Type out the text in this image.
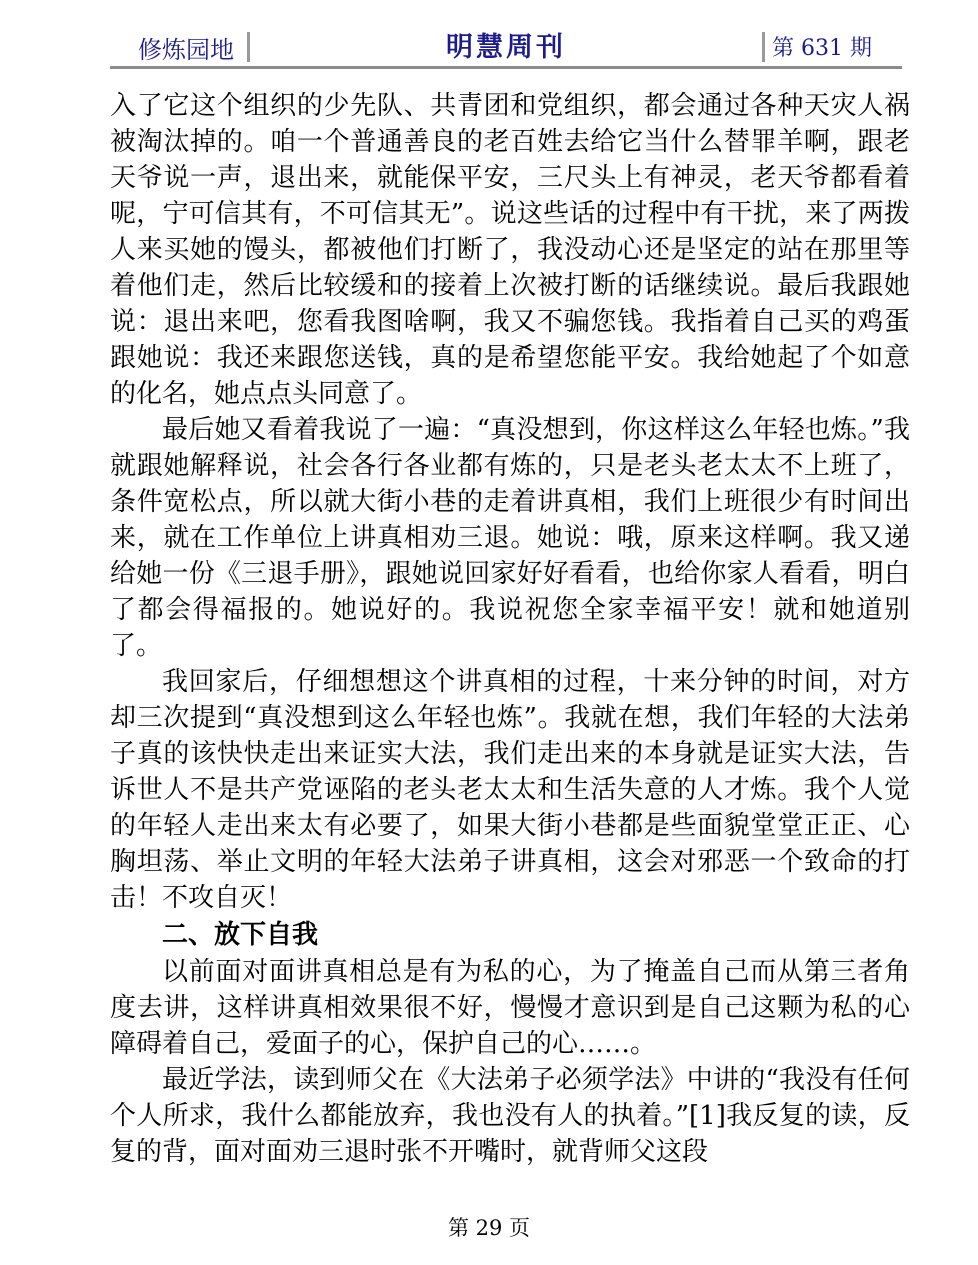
修炼园地	明慧周刊	第 631 期

入了它这个组织的少先队、共青团和党组织，都会通过各种天灾人祸被淘汰掉的。咱一个普通善良的老百姓去给它当什么替罪羊啊，跟老天爷说一声，退出来，就能保平安，三尺头上有神灵，老天爷都看着呢，宁可信其有，不可信其无”。说这些话的过程中有干扰，来了两拨人来买她的馒头，都被他们打断了，我没动心还是坚定的站在那里等着他们走，然后比较缓和的接着上次被打断的话继续说。最后我跟她说：退出来吧，您看我图啥啊，我又不骗您钱。我指着自己买的鸡蛋跟她说：我还来跟您送钱，真的是希望您能平安。我给她起了个如意的化名，她点点头同意了。

最后她又看着我说了一遍：“真没想到，你这样这么年轻也炼。”我就跟她解释说，社会各行各业都有炼的，只是老头老太太不上班了，条件宽松点，所以就大街小巷的走着讲真相，我们上班很少有时间出来，就在工作单位上讲真相劝三退。她说：哦，原来这样啊。我又递给她一份《三退手册》，跟她说回家好好看看，也给你家人看看，明白了都会得福报的。她说好的。我说祝您全家幸福平安！就和她道别了。

我回家后，仔细想想这个讲真相的过程，十来分钟的时间，对方却三次提到“真没想到这么年轻也炼”。我就在想，我们年轻的大法弟子真的该快快走出来证实大法，我们走出来的本身就是证实大法，告诉世人不是共产党诬陷的老头老太太和生活失意的人才炼。我个人觉的年轻人走出来太有必要了，如果大街小巷都是些面貌堂堂正正、心胸坦荡、举止文明的年轻大法弟子讲真相，这会对邪恶一个致命的打击！不攻自灭！

二、放下自我

以前面对面讲真相总是有为私的心，为了掩盖自己而从第三者角度去讲，这样讲真相效果很不好，慢慢才意识到是自己这颗为私的心障碍着自己，爱面子的心，保护自己的心……。

最近学法，读到师父在《大法弟子必须学法》中讲的“我没有任何个人所求，我什么都能放弃，我也没有人的执着。”[1]我反复的读，反复的背，面对面劝三退时张不开嘴时，就背师父这段

第 29 页
